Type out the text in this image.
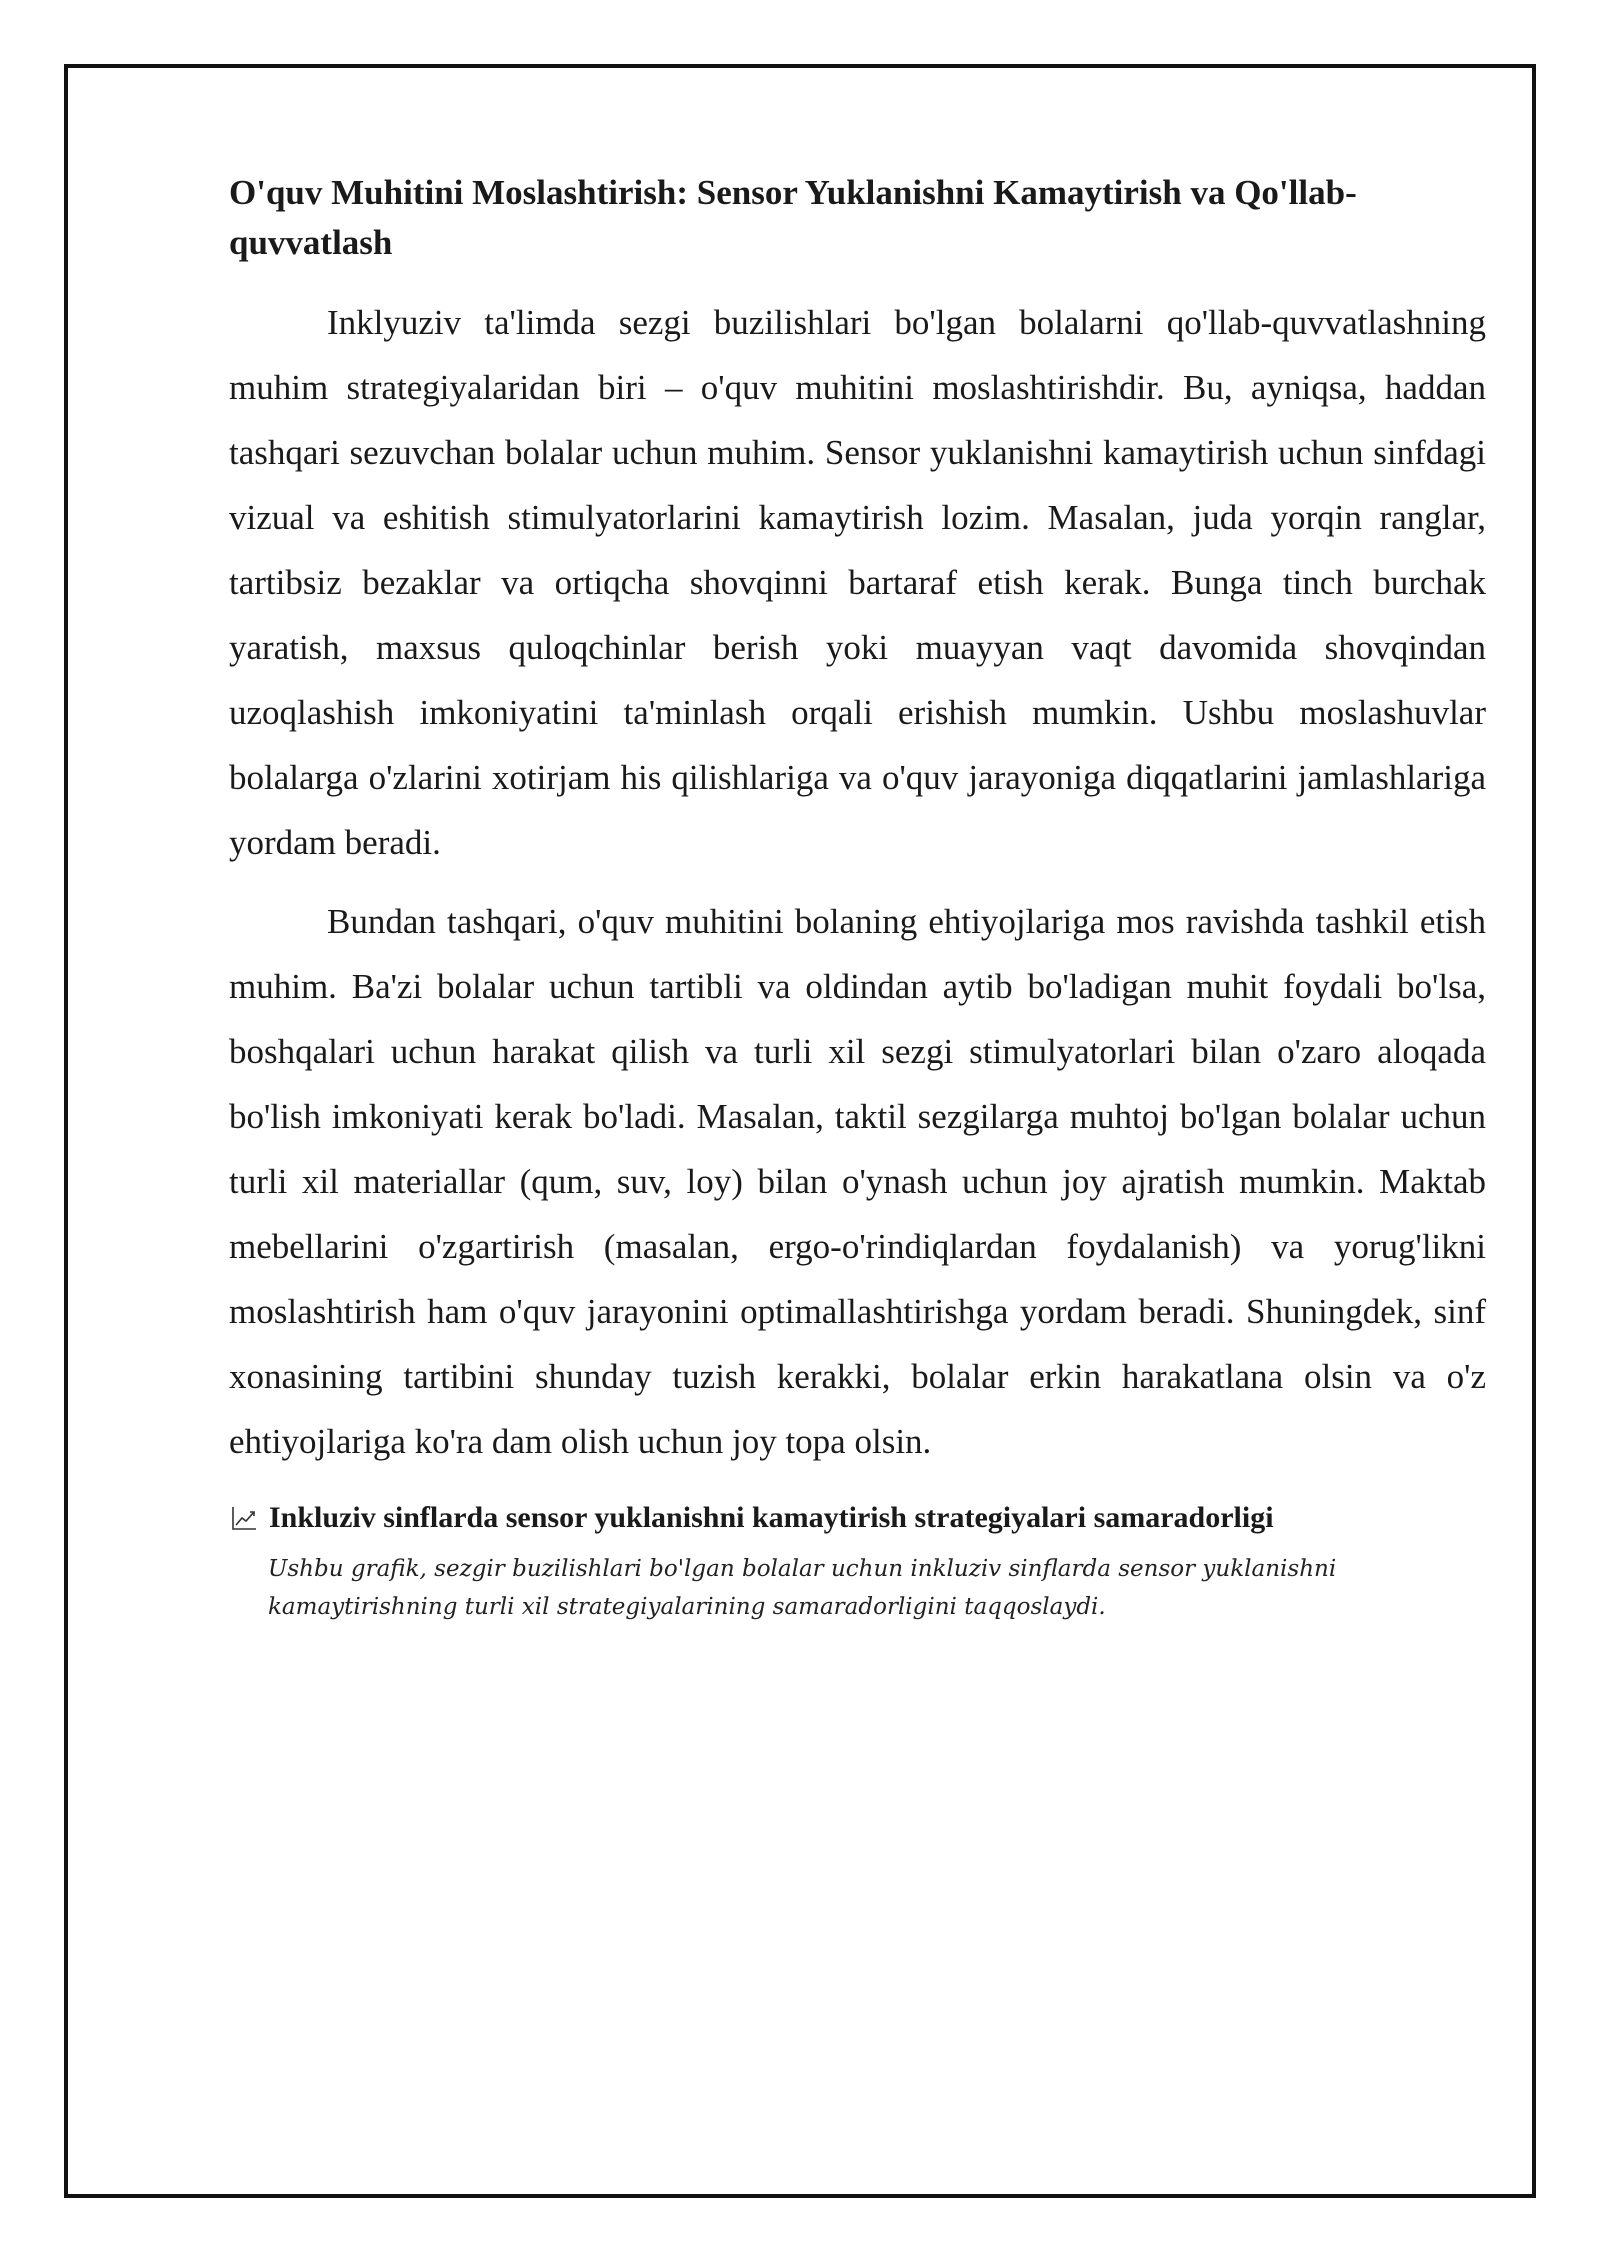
O'quv Muhitini Moslashtirish: Sensor Yuklanishni Kamaytirish va Qo'llab-quvvatlash

Inklyuziv ta'limda sezgi buzilishlari bo'lgan bolalarni qo'llab-quvvatlashning muhim strategiyalaridan biri – o'quv muhitini moslashtirishdir. Bu, ayniqsa, haddan tashqari sezuvchan bolalar uchun muhim. Sensor yuklanishni kamaytirish uchun sinfdagi vizual va eshitish stimulyatorlarini kamaytirish lozim. Masalan, juda yorqin ranglar, tartibsiz bezaklar va ortiqcha shovqinni bartaraf etish kerak. Bunga tinch burchak yaratish, maxsus quloqchinlar berish yoki muayyan vaqt davomida shovqindan uzoqlashish imkoniyatini ta'minlash orqali erishish mumkin. Ushbu moslashuvlar bolalarga o'zlarini xotirjam his qilishlariga va o'quv jarayoniga diqqatlarini jamlashlariga yordam beradi.

Bundan tashqari, o'quv muhitini bolaning ehtiyojlariga mos ravishda tashkil etish muhim. Ba'zi bolalar uchun tartibli va oldindan aytib bo'ladigan muhit foydali bo'lsa, boshqalari uchun harakat qilish va turli xil sezgi stimulyatorlari bilan o'zaro aloqada bo'lish imkoniyati kerak bo'ladi. Masalan, taktil sezgilarga muhtoj bo'lgan bolalar uchun turli xil materiallar (qum, suv, loy) bilan o'ynash uchun joy ajratish mumkin. Maktab mebellarini o'zgartirish (masalan, ergo-o'rindiqlardan foydalanish) va yorug'likni moslashtirish ham o'quv jarayonini optimallashtirishga yordam beradi. Shuningdek, sinf xonasining tartibini shunday tuzish kerakki, bolalar erkin harakatlana olsin va o'z ehtiyojlariga ko'ra dam olish uchun joy topa olsin.

Inkluziv sinflarda sensor yuklanishni kamaytirish strategiyalari samaradorligi

Ushbu grafik, sezgir buzilishlari bo'lgan bolalar uchun inkluziv sinflarda sensor yuklanishni kamaytirishning turli xil strategiyalarining samaradorligini taqqoslaydi.
